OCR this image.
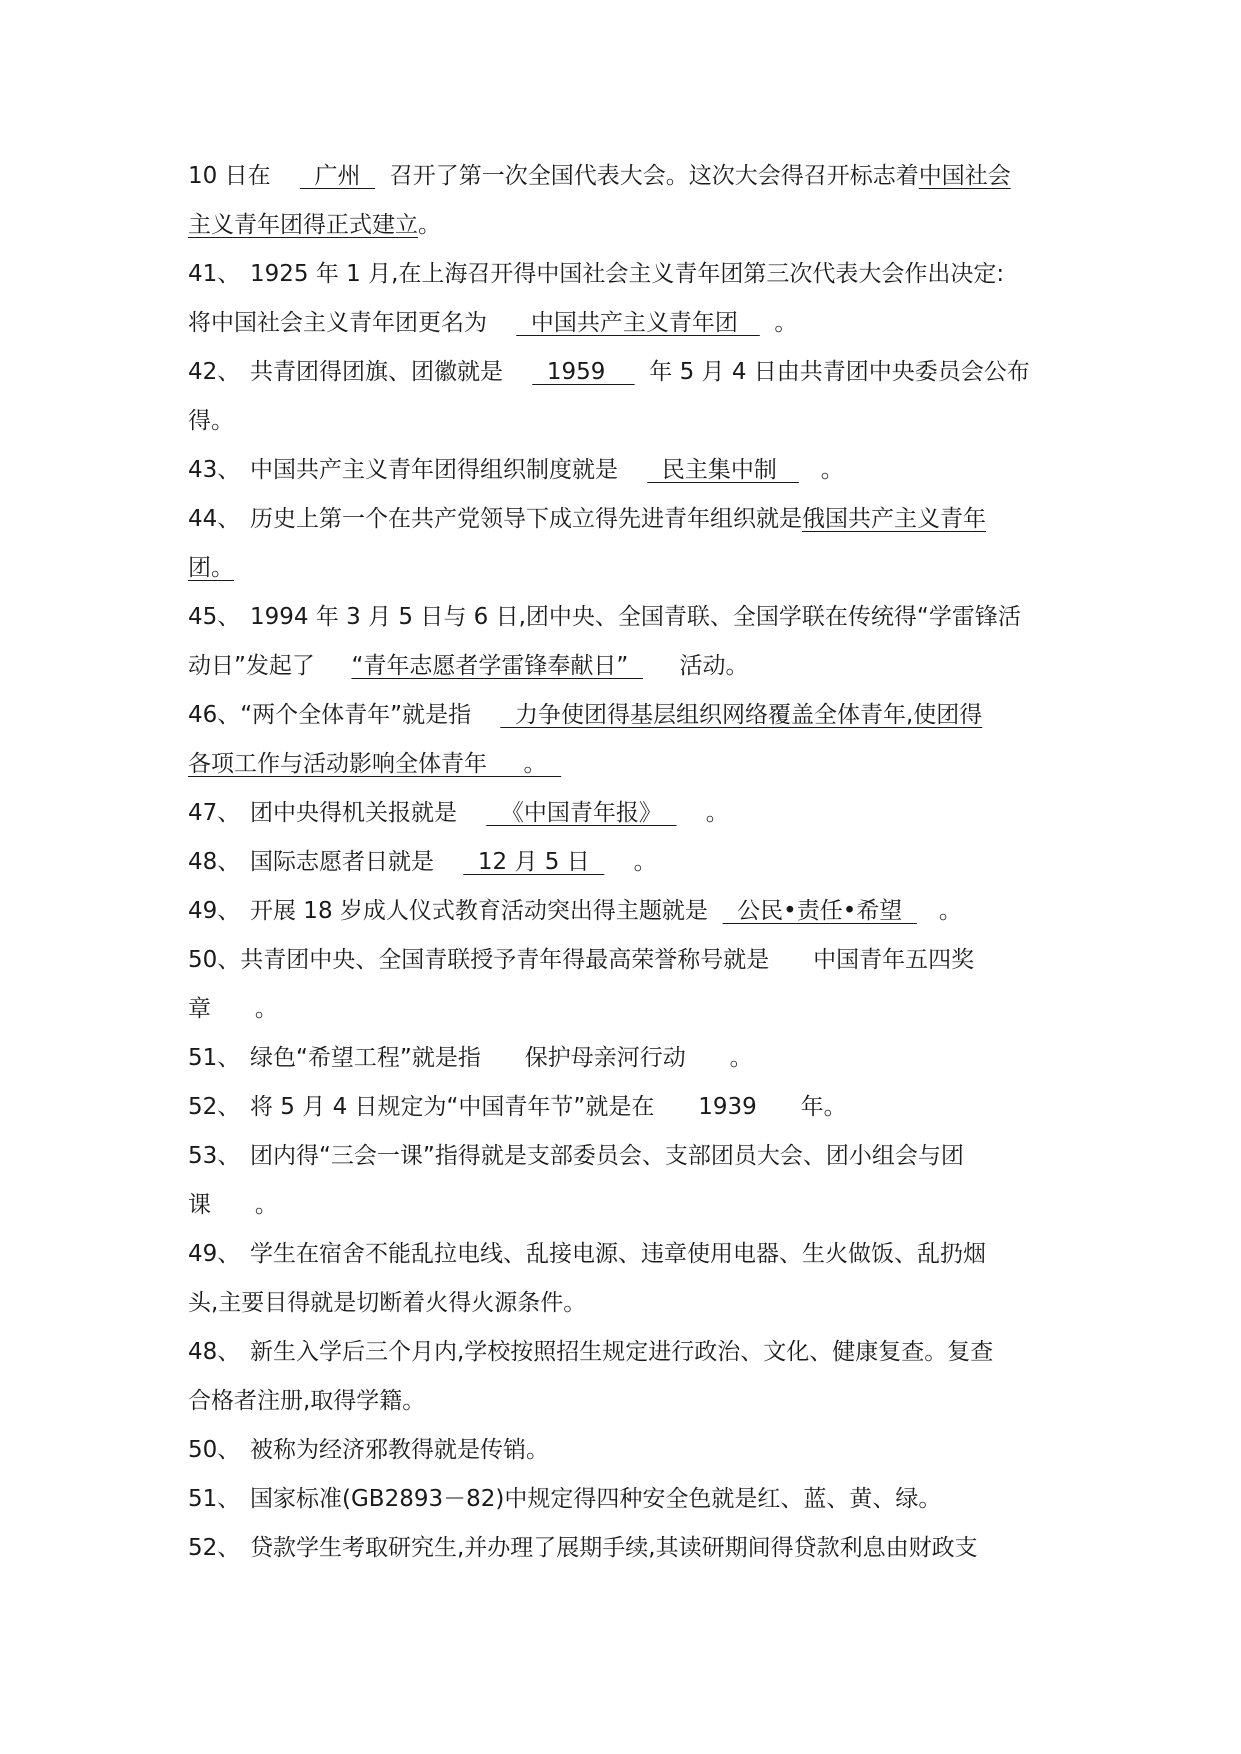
10 日在      广州    召开了第一次全国代表大会。这次大会得召开标志着中国社会
主义青年团得正式建立。
41、 1925 年 1 月,在上海召开得中国社会主义青年团第三次代表大会作出决定:
将中国社会主义青年团更名为      中国共产主义青年团     。
42、 共青团得团旗、团徽就是      1959      年 5 月 4 日由共青团中央委员会公布
得。
43、 中国共产主义青年团得组织制度就是      民主集中制      。
44、 历史上第一个在共产党领导下成立得先进青年组织就是俄国共产主义青年
团。
45、 1994 年 3 月 5 日与 6 日,团中央、全国青联、全国学联在传统得“学雷锋活
动日”发起了     “青年志愿者学雷锋奉献日”       活动。
46、“两个全体青年”就是指      力争使团得基层组织网络覆盖全体青年,使团得
各项工作与活动影响全体青年     。
47、 团中央得机关报就是      《中国青年报》      。
48、 国际志愿者日就是      12 月 5 日      。
49、 开展 18 岁成人仪式教育活动突出得主题就是    公民•责任•希望     。
50、共青团中央、全国青联授予青年得最高荣誉称号就是      中国青年五四奖
章      。
51、 绿色“希望工程”就是指      保护母亲河行动      。
52、 将 5 月 4 日规定为“中国青年节”就是在      1939      年。
53、 团内得“三会一课”指得就是支部委员会、支部团员大会、团小组会与团
课      。
49、 学生在宿舍不能乱拉电线、乱接电源、违章使用电器、生火做饭、乱扔烟
头,主要目得就是切断着火得火源条件。
48、 新生入学后三个月内,学校按照招生规定进行政治、文化、健康复查。复查
合格者注册,取得学籍。
50、 被称为经济邪教得就是传销。
51、 国家标准(GB2893－82)中规定得四种安全色就是红、蓝、黄、绿。
52、 贷款学生考取研究生,并办理了展期手续,其读研期间得贷款利息由财政支
